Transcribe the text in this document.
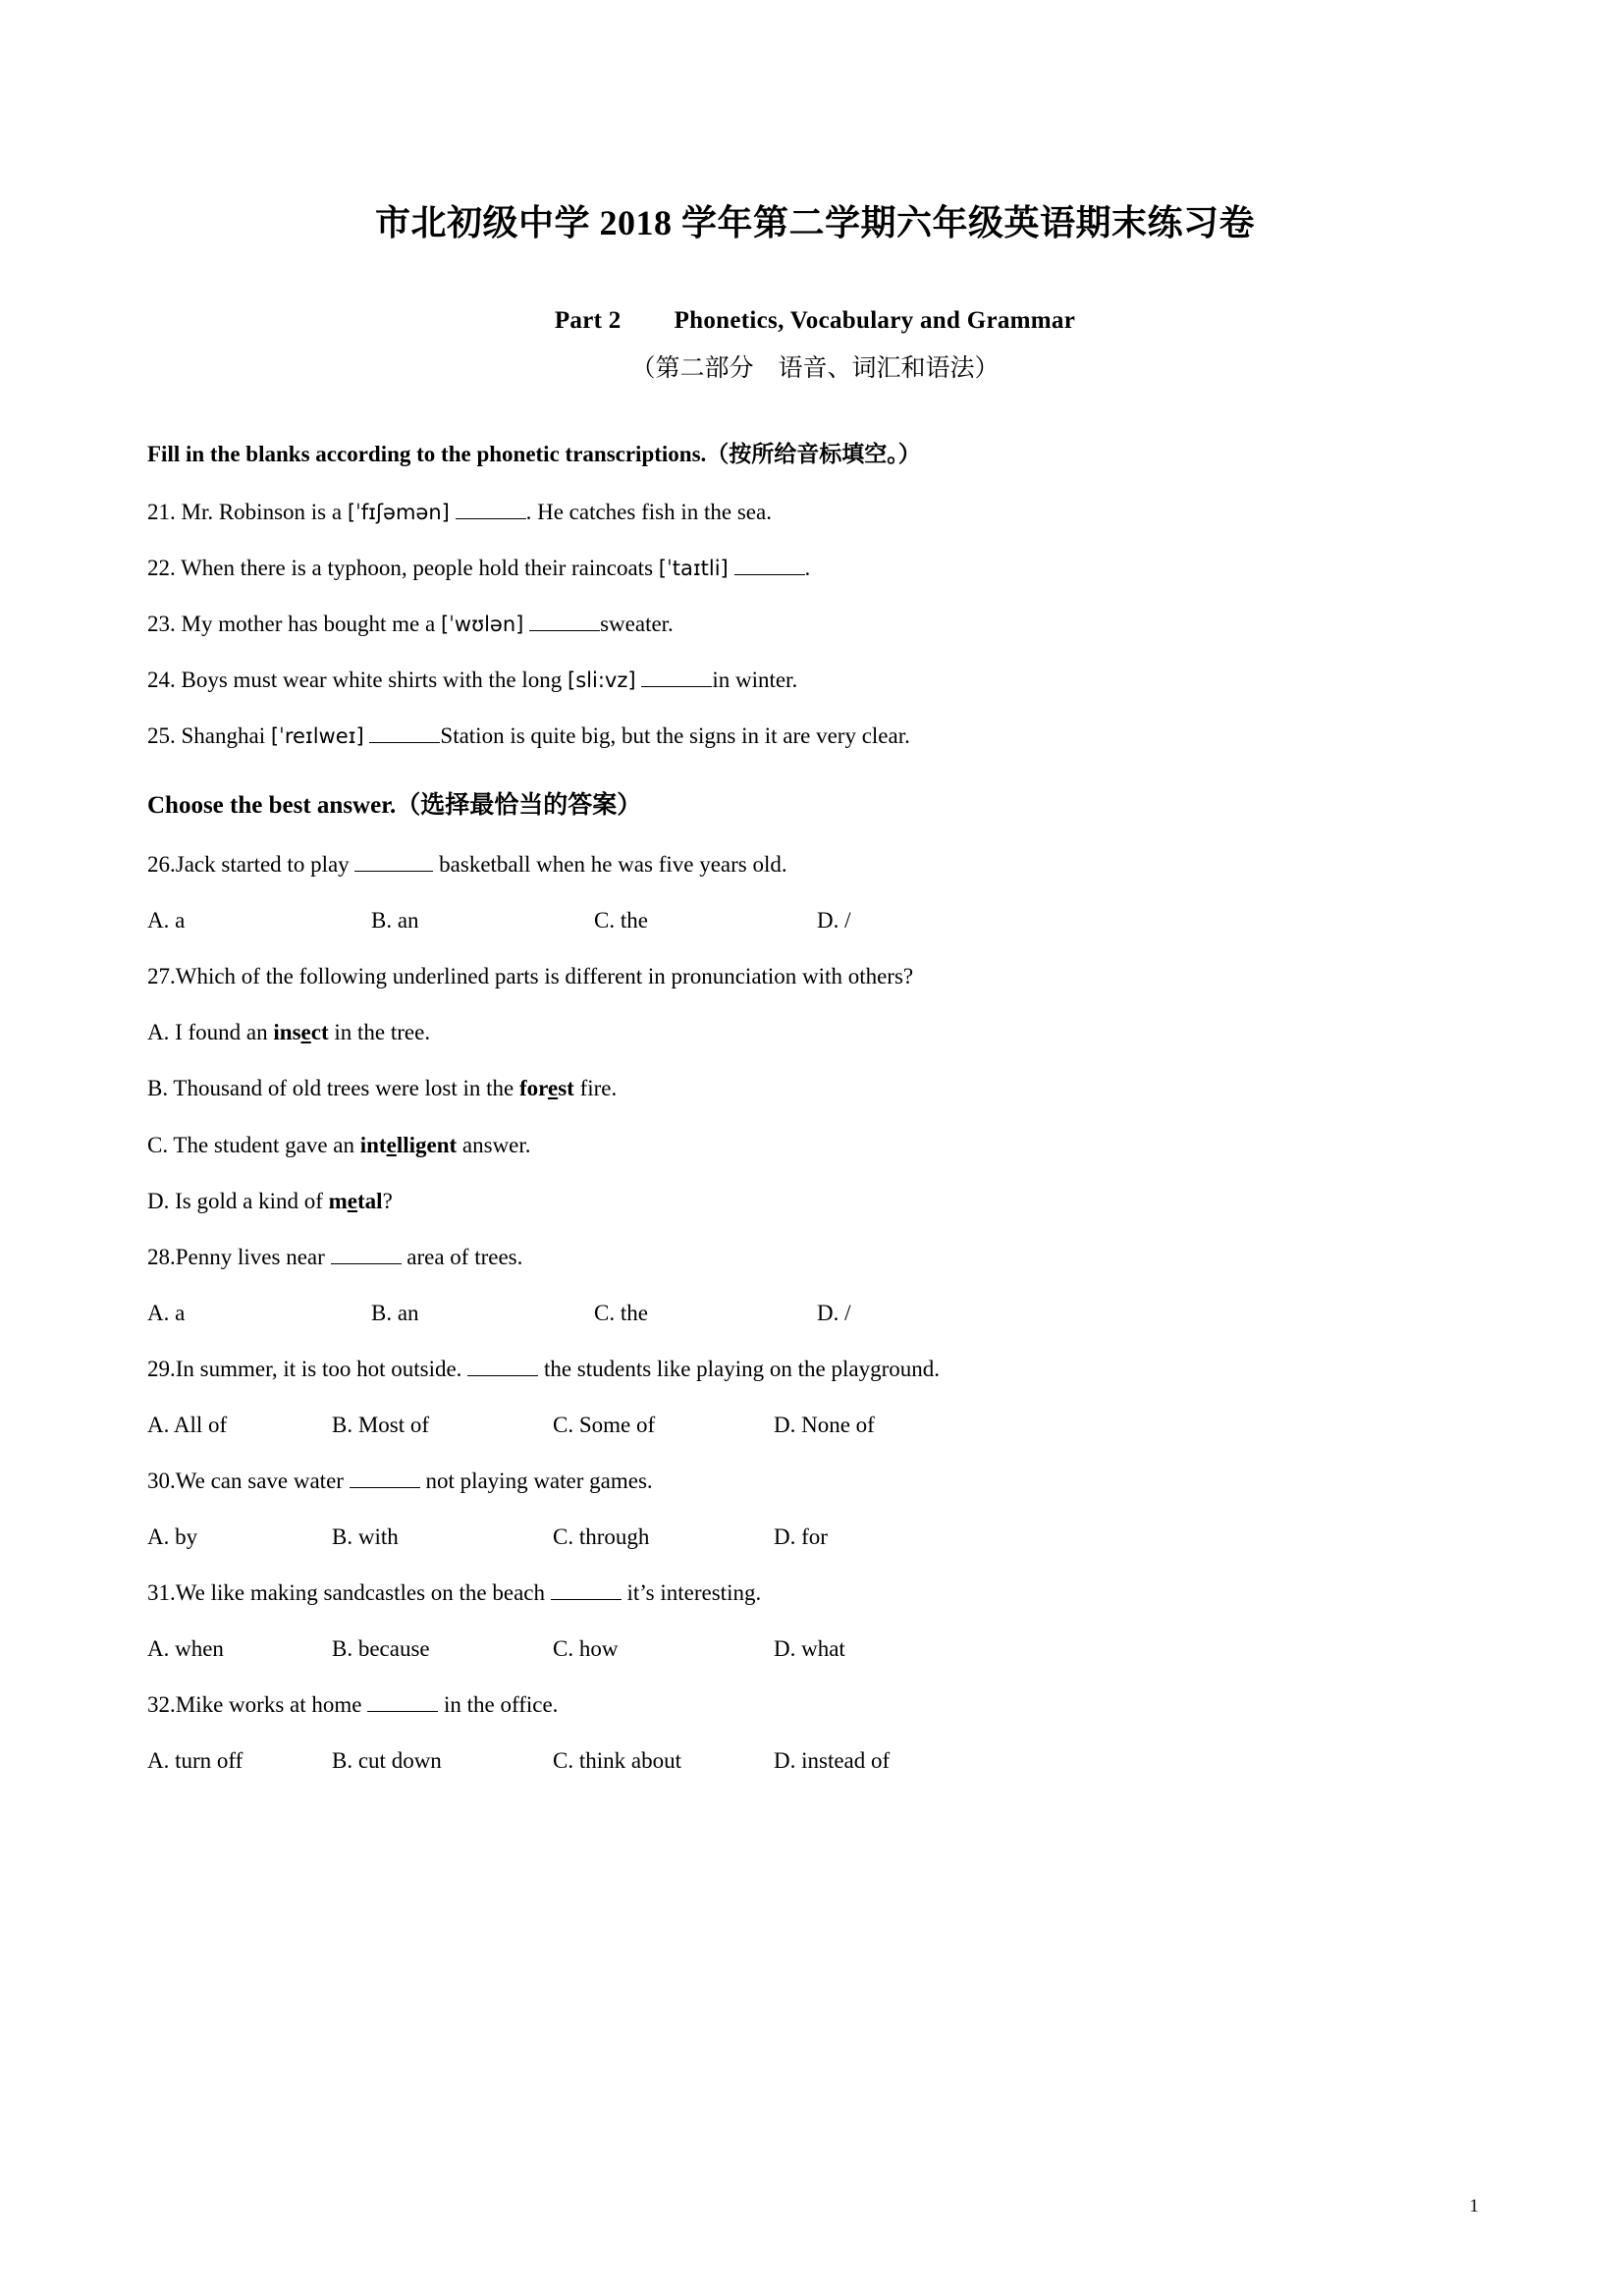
市北初级中学 2018 学年第二学期六年级英语期末练习卷
Part 2 Phonetics, Vocabulary and Grammar
（第二部分　语音、词汇和语法）
Fill in the blanks according to the phonetic transcriptions.（按所给音标填空。）
21. Mr. Robinson is a [ˈfɪʃəmən]	. He catches fish in the sea.
22. When there is a typhoon, people hold their raincoats [ˈtaɪtli]	.
23. My mother has bought me a [ˈwʊlən]	sweater.
24. Boys must wear white shirts with the long [sli:vz]	in winter.
25. Shanghai [ˈreɪlweɪ]	Station is quite big, but the signs in it are very clear.
Choose the best answer.（选择最恰当的答案）
26.Jack started to play	basketball when he was five years old.
A. a	B. an	C. the	D. /
27.Which of the following underlined parts is different in pronunciation with others?
A. I found an insect in the tree.
B. Thousand of old trees were lost in the forest fire.
C. The student gave an intelligent answer.
D. Is gold a kind of metal?
28.Penny lives near	area of trees.
A. a	B. an	C. the	D. /
29.In summer, it is too hot outside.	the students like playing on the playground.
A. All of	B. Most of	C. Some of	D. None of
30.We can save water	not playing water games.
A. by	B. with	C. through	D. for
31.We like making sandcastles on the beach	it’s interesting.
A. when	B. because	C. how	D. what
32.Mike works at home	in the office.
A. turn off	B. cut down	C. think about	D. instead of
1
